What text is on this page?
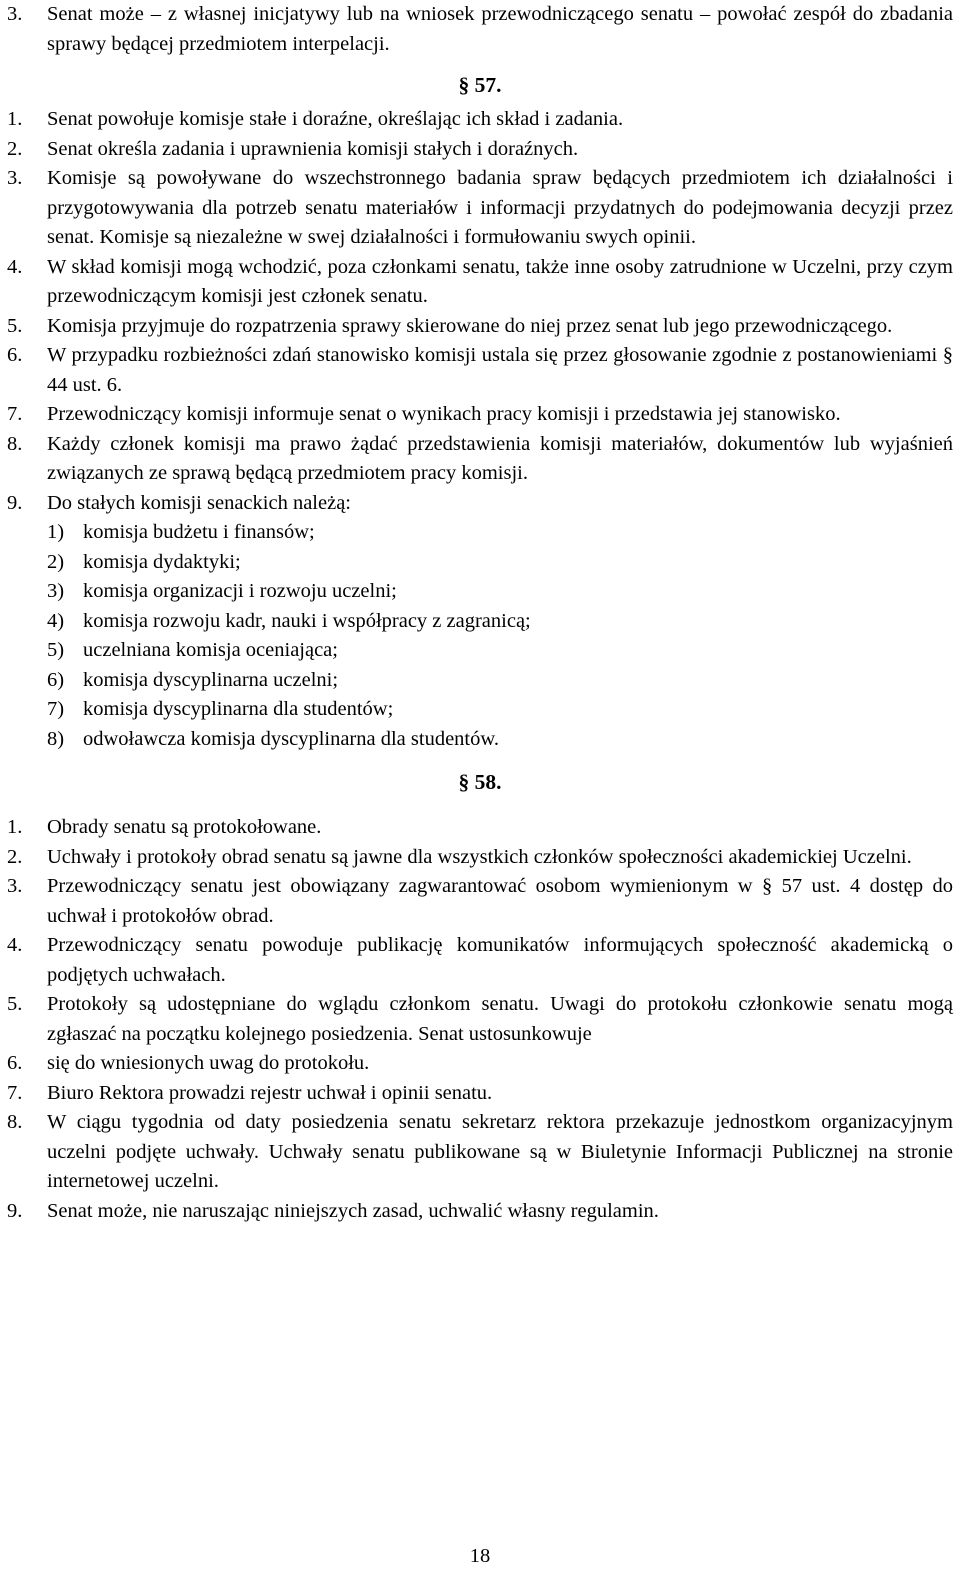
3.	Senat może – z własnej inicjatywy lub na wniosek przewodniczącego senatu – powołać zespół do zbadania sprawy będącej przedmiotem interpelacji.
§ 57.
1.	Senat powołuje komisje stałe i doraźne, określając ich skład i zadania.
2.	Senat określa zadania i uprawnienia komisji stałych i doraźnych.
3.	Komisje są powoływane do wszechstronnego badania spraw będących przedmiotem ich działalności i przygotowywania dla potrzeb senatu materiałów i informacji przydatnych do podejmowania decyzji przez senat. Komisje są niezależne w swej działalności i formułowaniu swych opinii.
4.	W skład komisji mogą wchodzić, poza członkami senatu, także inne osoby zatrudnione w Uczelni, przy czym przewodniczącym komisji jest członek senatu.
5.	Komisja przyjmuje do rozpatrzenia sprawy skierowane do niej przez senat lub jego przewodniczącego.
6.	W przypadku rozbieżności zdań stanowisko komisji ustala się przez głosowanie zgodnie z postanowieniami § 44 ust. 6.
7.	Przewodniczący komisji informuje senat o wynikach pracy komisji i przedstawia jej stanowisko.
8.	Każdy członek komisji ma prawo żądać przedstawienia komisji materiałów, dokumentów lub wyjaśnień związanych ze sprawą będącą przedmiotem pracy komisji.
9.	Do stałych komisji senackich należą:
1) komisja budżetu i finansów;
2) komisja dydaktyki;
3) komisja organizacji i rozwoju uczelni;
4) komisja rozwoju kadr, nauki i współpracy z zagranicą;
5) uczelniana komisja oceniająca;
6) komisja dyscyplinarna uczelni;
7) komisja dyscyplinarna dla studentów;
8) odwoławcza komisja dyscyplinarna dla studentów.
§ 58.
1.	Obrady senatu są protokołowane.
2.	Uchwały i protokoły obrad senatu są jawne dla wszystkich członków społeczności akademickiej Uczelni.
3.	Przewodniczący senatu jest obowiązany zagwarantować osobom wymienionym w § 57 ust. 4 dostęp do uchwał i protokołów obrad.
4.	Przewodniczący senatu powoduje publikację komunikatów informujących społeczność akademicką o podjętych uchwałach.
5.	Protokoły są udostępniane do wglądu członkom senatu. Uwagi do protokołu członkowie senatu mogą zgłaszać na początku kolejnego posiedzenia. Senat ustosunkowuje
6.	się do wniesionych uwag do protokołu.
7.	Biuro Rektora prowadzi rejestr uchwał i opinii senatu.
8.	W ciągu tygodnia od daty posiedzenia senatu sekretarz rektora przekazuje jednostkom organizacyjnym uczelni podjęte uchwały. Uchwały senatu publikowane są w Biuletynie Informacji Publicznej na stronie internetowej uczelni.
9.	Senat może, nie naruszając niniejszych zasad, uchwalić własny regulamin.
18
